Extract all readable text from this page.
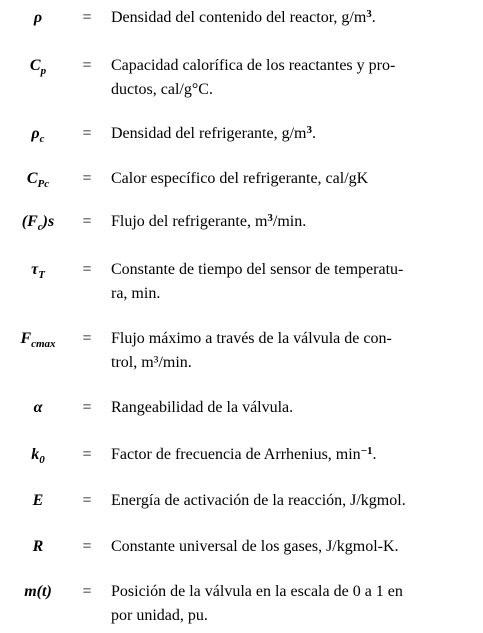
ρ	=	Densidad del contenido del reactor, $g/m^3$.
$C_p$	=	Capacidad calorífica de los reactantes y pro-
ductos, cal/g°C.
$\rho_c$	=	Densidad del refrigerante, $g/m^3$.
$C_{Pc}$	=	Calor específico del refrigerante, cal/gK
$(F_c)s$	=	Flujo del refrigerante, $m^3/\min$.
$\tau_T$	=	Constante de tiempo del sensor de temperatu-
ra, min.
$F_{cmax}$	=	Flujo máximo a través de la válvula de con-
trol, m³/min.
α	=	Rangeabilidad de la válvula.
$k_0$	=	Factor de frecuencia de Arrhenius, $\min^{-1}$.
E	=	Energía de activación de la reacción, J/kgmol.
R	=	Constante universal de los gases, J/kgmol-K.
m(t)	=	Posición de la válvula en la escala de 0 a 1 en
por unidad, pu.
